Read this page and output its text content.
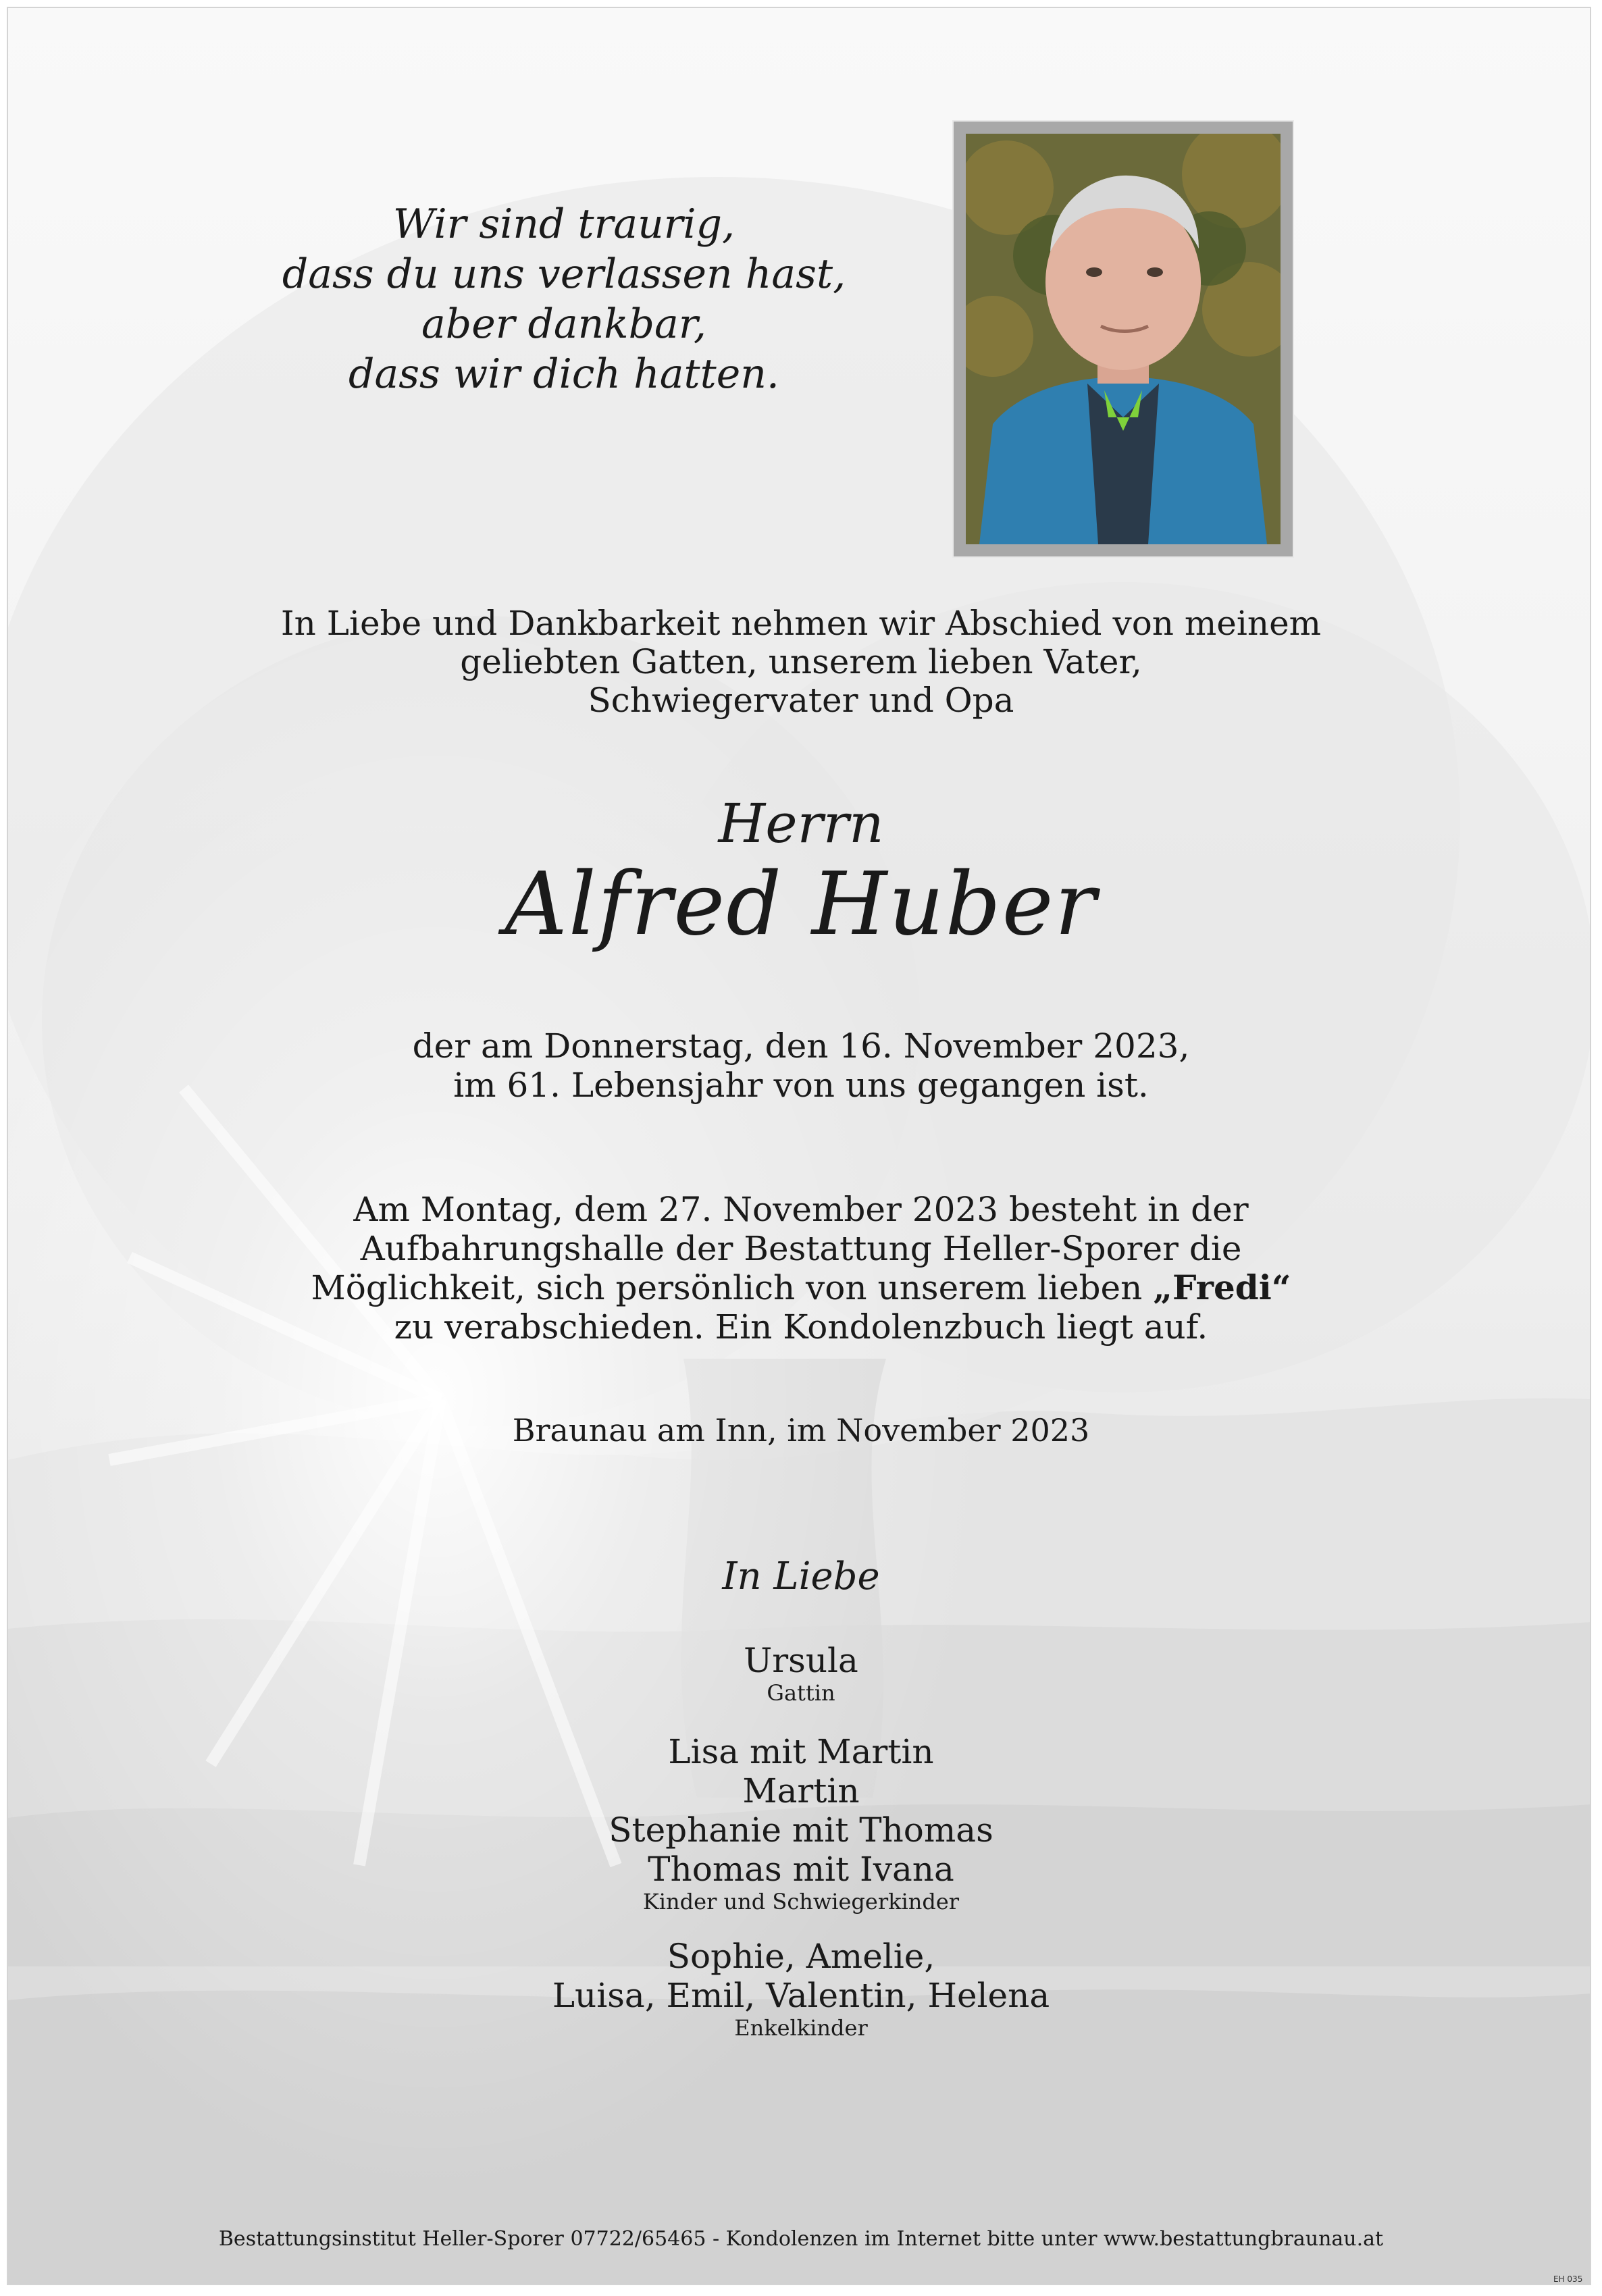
Wir sind traurig,
dass du uns verlassen hast,
aber dankbar,
dass wir dich hatten.
In Liebe und Dankbarkeit nehmen wir Abschied von meinem
geliebten Gatten, unserem lieben Vater,
Schwiegervater und Opa
Herrn
Alfred Huber
der am Donnerstag, den 16. November 2023,
im 61. Lebensjahr von uns gegangen ist.
Am Montag, dem 27. November 2023 besteht in der
Aufbahrungshalle der Bestattung Heller-Sporer die
Möglichkeit, sich persönlich von unserem lieben „Fredi“
zu verabschieden. Ein Kondolenzbuch liegt auf.
Braunau am Inn, im November 2023
In Liebe
Ursula
Gattin
Lisa mit Martin
Martin
Stephanie mit Thomas
Thomas mit Ivana
Kinder und Schwiegerkinder
Sophie, Amelie,
Luisa, Emil, Valentin, Helena
Enkelkinder
Bestattungsinstitut Heller-Sporer 07722/65465 - Kondolenzen im Internet bitte unter www.bestattungbraunau.at
EH 035
